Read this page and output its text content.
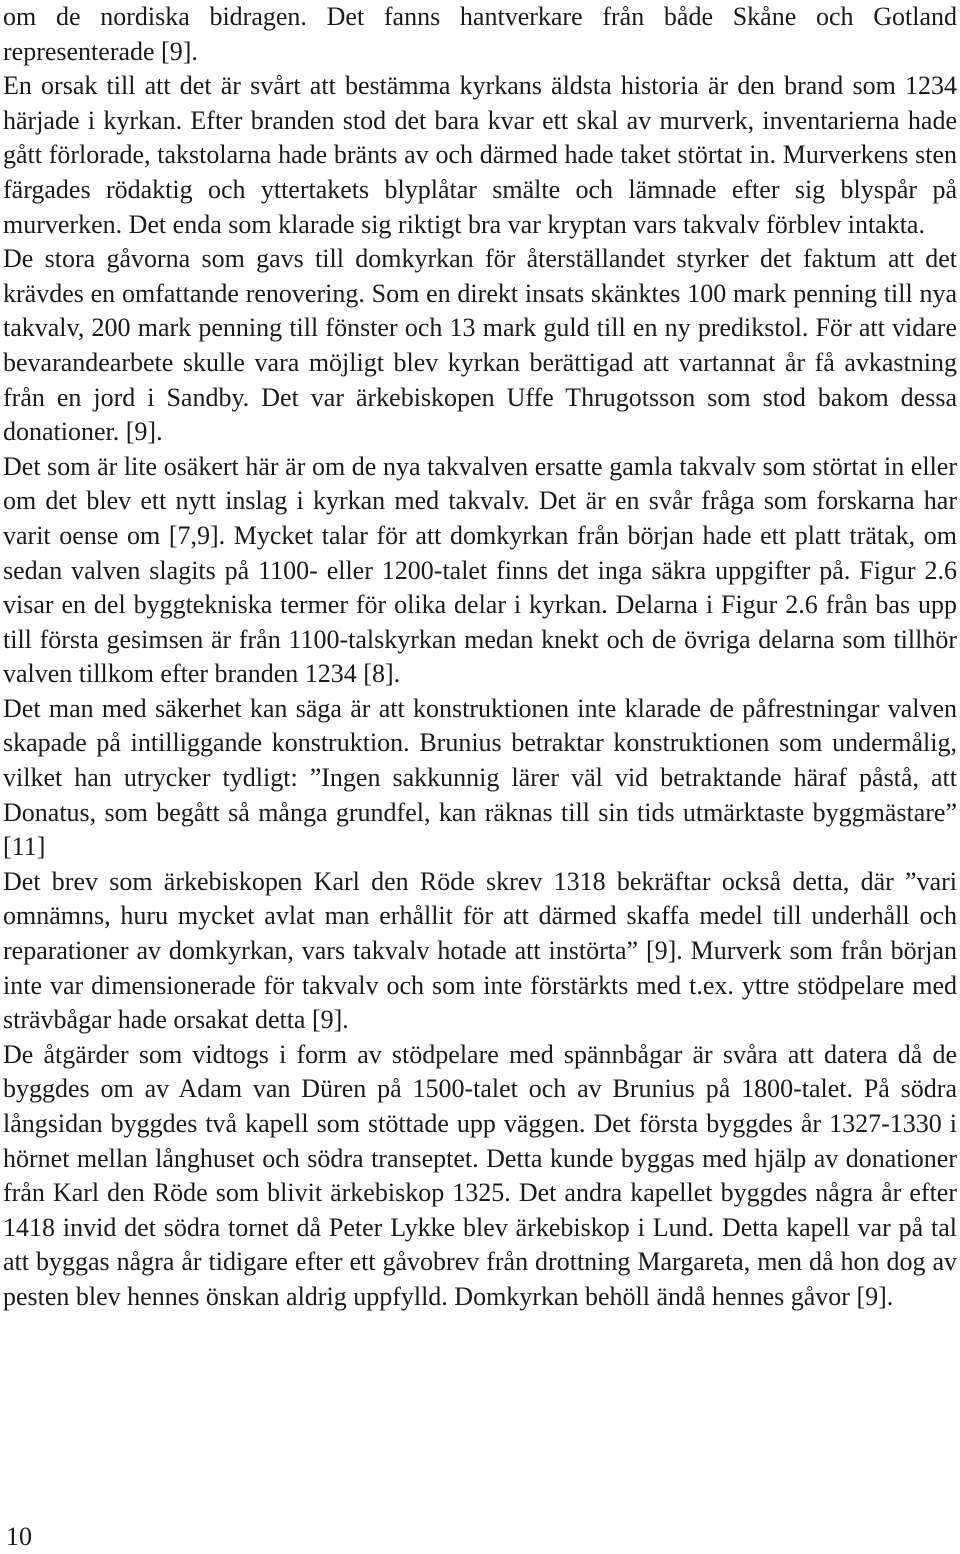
om de nordiska bidragen. Det fanns hantverkare från både Skåne och Gotland representerade [9].

En orsak till att det är svårt att bestämma kyrkans äldsta historia är den brand som 1234 härjade i kyrkan. Efter branden stod det bara kvar ett skal av murverk, inventarierna hade gått förlorade, takstolarna hade bränts av och därmed hade taket störtat in. Murverkens sten färgades rödaktig och yttertakets blyplåtar smälte och lämnade efter sig blyspår på murverken. Det enda som klarade sig riktigt bra var kryptan vars takvalv förblev intakta.

De stora gåvorna som gavs till domkyrkan för återställandet styrker det faktum att det krävdes en omfattande renovering. Som en direkt insats skänktes 100 mark penning till nya takvalv, 200 mark penning till fönster och 13 mark guld till en ny predikstol. För att vidare bevarandearbete skulle vara möjligt blev kyrkan berättigad att vartannat år få avkastning från en jord i Sandby. Det var ärkebiskopen Uffe Thrugotsson som stod bakom dessa donationer. [9].

Det som är lite osäkert här är om de nya takvalven ersatte gamla takvalv som störtat in eller om det blev ett nytt inslag i kyrkan med takvalv. Det är en svår fråga som forskarna har varit oense om [7,9]. Mycket talar för att domkyrkan från början hade ett platt trätak, om sedan valven slagits på 1100- eller 1200-talet finns det inga säkra uppgifter på. Figur 2.6 visar en del byggtekniska termer för olika delar i kyrkan. Delarna i Figur 2.6 från bas upp till första gesimsen är från 1100-talskyrkan medan knekt och de övriga delarna som tillhör valven tillkom efter branden 1234 [8].

Det man med säkerhet kan säga är att konstruktionen inte klarade de påfrestningar valven skapade på intilliggande konstruktion. Brunius betraktar konstruktionen som undermålig, vilket han utrycker tydligt: ”Ingen sakkunnig lärer väl vid betraktande häraf påstå, att Donatus, som begått så många grundfel, kan räknas till sin tids utmärktaste byggmästare” [11]

Det brev som ärkebiskopen Karl den Röde skrev 1318 bekräftar också detta, där ”vari omnämns, huru mycket avlat man erhållit för att därmed skaffa medel till underhåll och reparationer av domkyrkan, vars takvalv hotade att instörta” [9]. Murverk som från början inte var dimensionerade för takvalv och som inte förstärkts med t.ex. yttre stödpelare med strävbågar hade orsakat detta [9].

De åtgärder som vidtogs i form av stödpelare med spännbågar är svåra att datera då de byggdes om av Adam van Düren på 1500-talet och av Brunius på 1800-talet. På södra långsidan byggdes två kapell som stöttade upp väggen. Det första byggdes år 1327-1330 i hörnet mellan långhuset och södra transeptet. Detta kunde byggas med hjälp av donationer från Karl den Röde som blivit ärkebiskop 1325. Det andra kapellet byggdes några år efter 1418 invid det södra tornet då Peter Lykke blev ärkebiskop i Lund. Detta kapell var på tal att byggas några år tidigare efter ett gåvobrev från drottning Margareta, men då hon dog av pesten blev hennes önskan aldrig uppfylld. Domkyrkan behöll ändå hennes gåvor [9].

10
